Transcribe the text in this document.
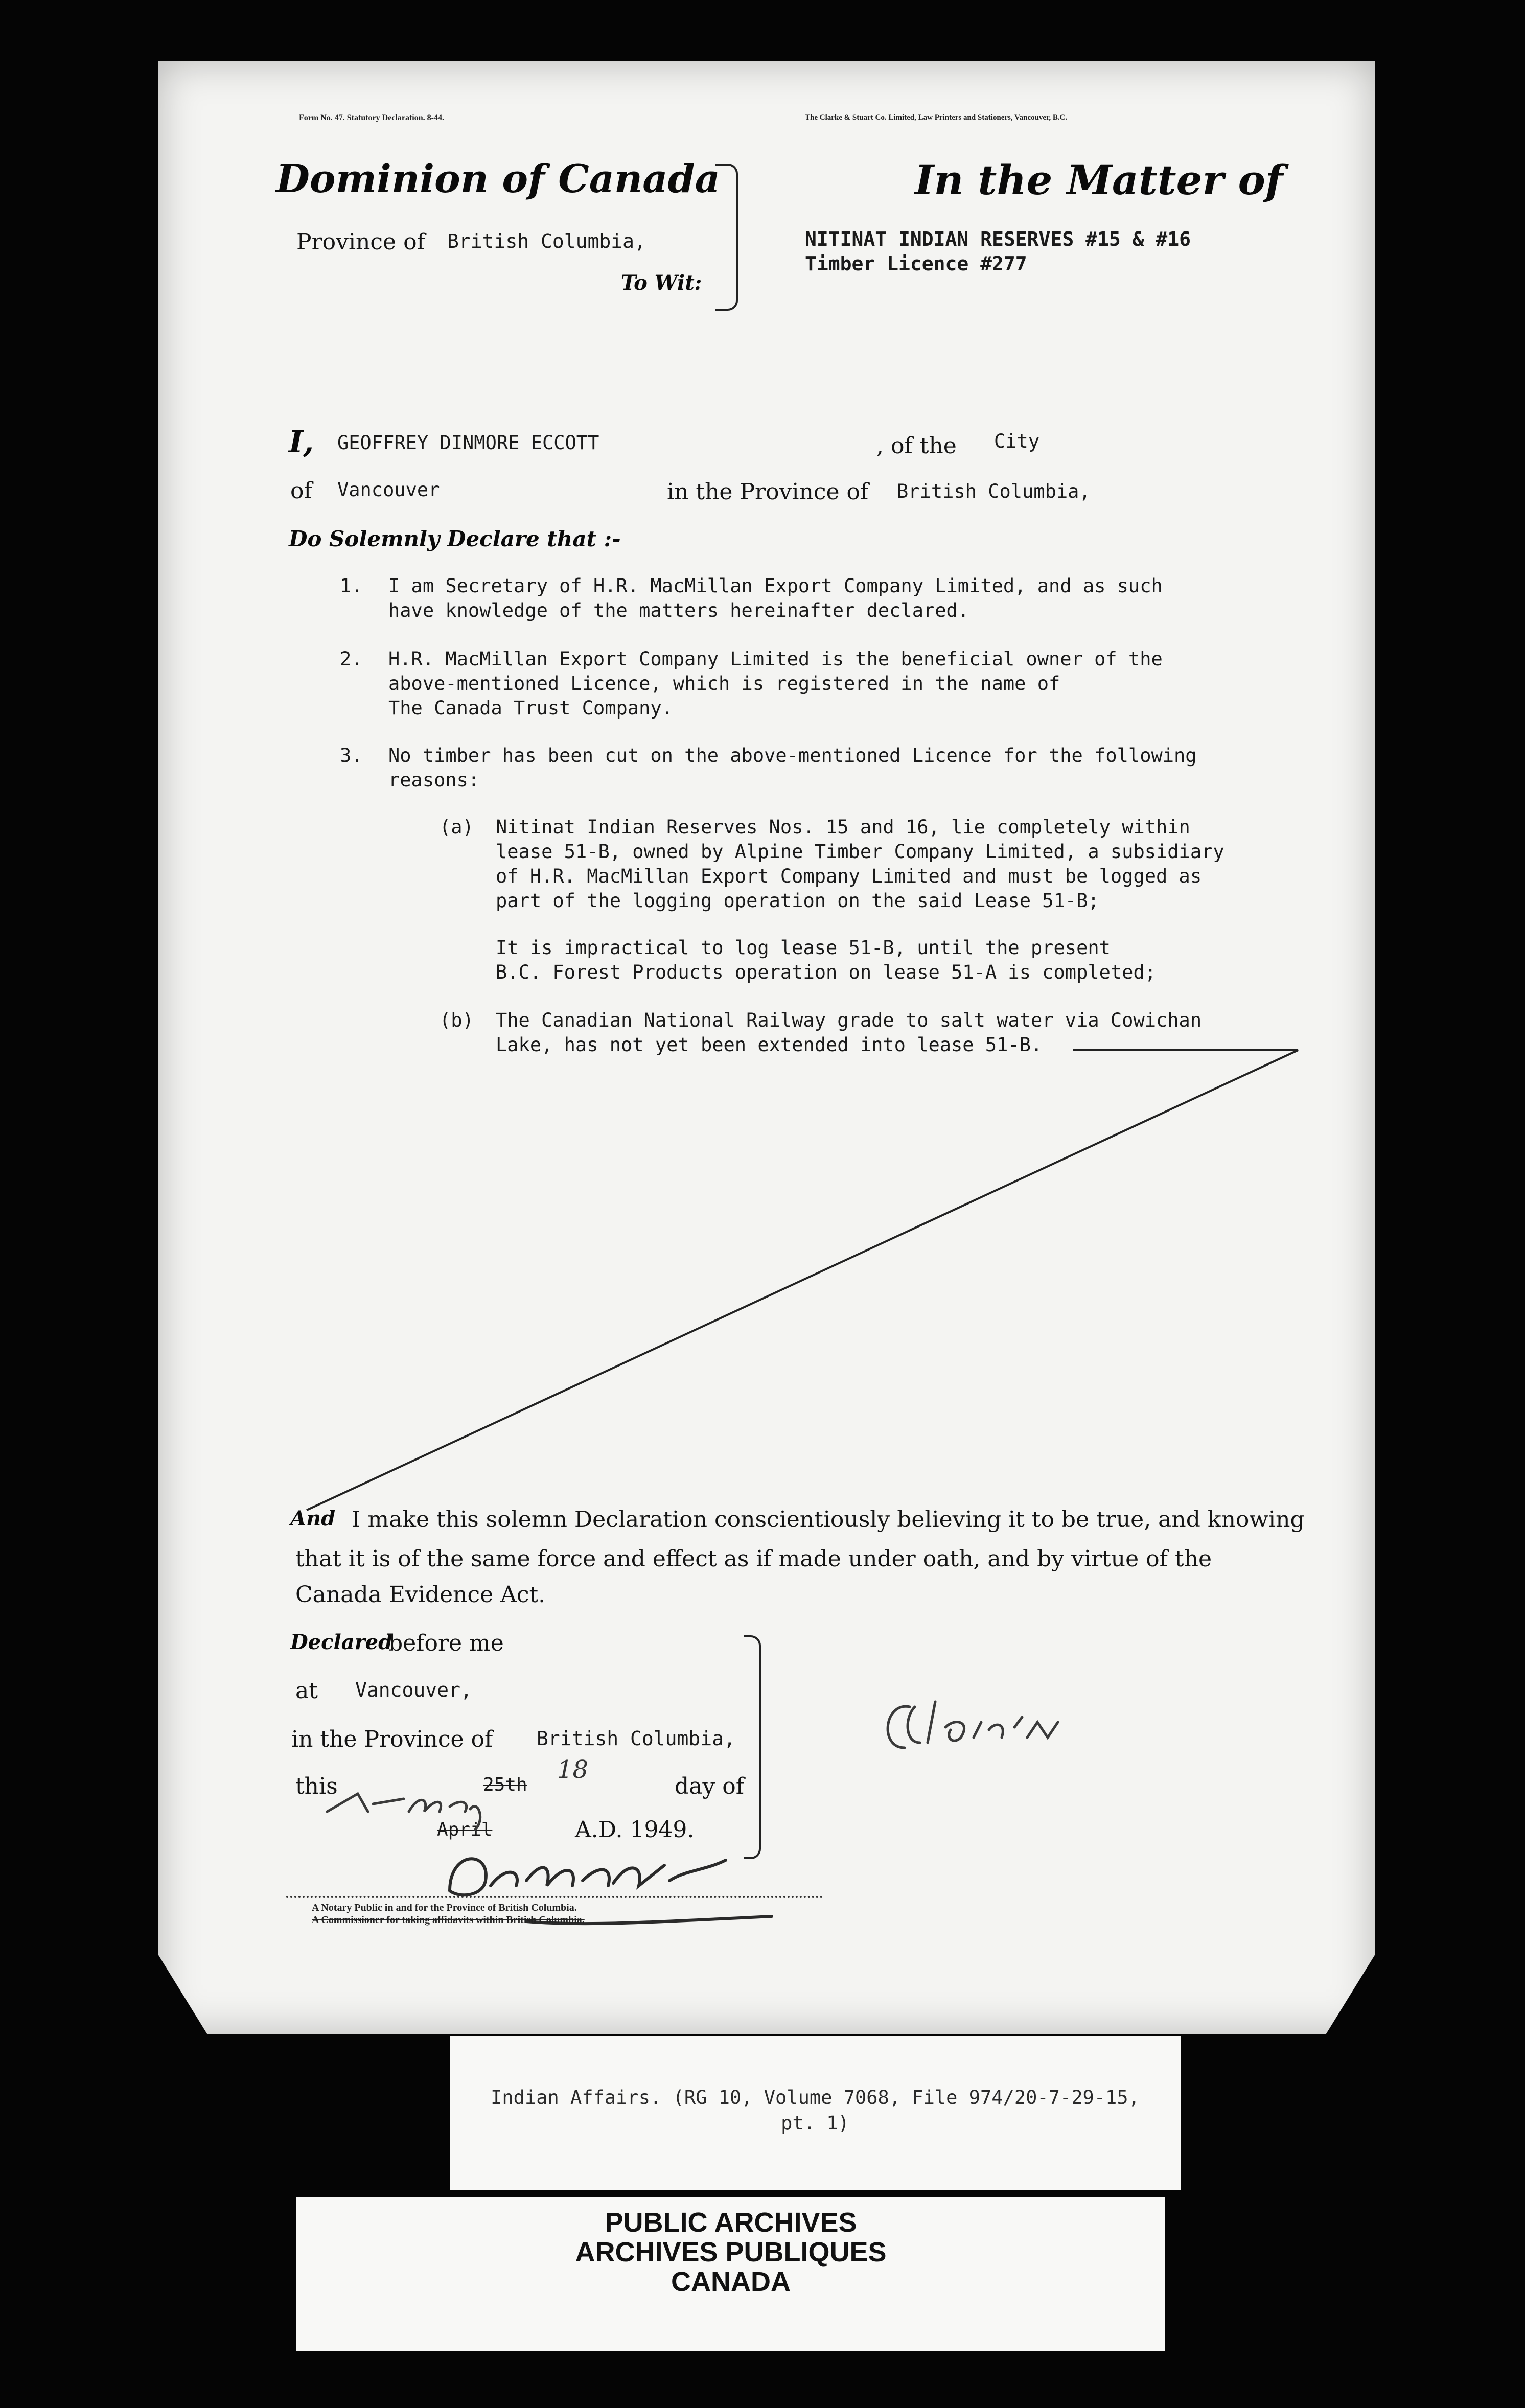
Form No. 47. Statutory Declaration. 8-44.	The Clarke & Stuart Co. Limited, Law Printers and Stationers, Vancouver, B.C.
Dominion of Canada
Province of British Columbia,
To Wit:
In the Matter of
NITINAT INDIAN RESERVES #15 & #16
Timber Licence #277
I, GEOFFREY DINMORE ECCOTT	, of the City
of Vancouver	in the Province of British Columbia,
Do Solemnly Declare that :-
1. I am Secretary of H.R. MacMillan Export Company Limited, and as such
have knowledge of the matters hereinafter declared.
2. H.R. MacMillan Export Company Limited is the beneficial owner of the
above-mentioned Licence, which is registered in the name of
The Canada Trust Company.
3. No timber has been cut on the above-mentioned Licence for the following
reasons:
(a) Nitinat Indian Reserves Nos. 15 and 16, lie completely within
lease 51-B, owned by Alpine Timber Company Limited, a subsidiary
of H.R. MacMillan Export Company Limited and must be logged as
part of the logging operation on the said Lease 51-B;
It is impractical to log lease 51-B, until the present
B.C. Forest Products operation on lease 51-A is completed;
(b) The Canadian National Railway grade to salt water via Cowichan
Lake, has not yet been extended into lease 51-B.
And I make this solemn Declaration conscientiously believing it to be true, and knowing
that it is of the same force and effect as if made under oath, and by virtue of the
Canada Evidence Act.
Declared
before me
at Vancouver,
in the Province of British Columbia,
this	25th
18
day of
April	A.D. 1949.
A Notary Public in and for the Province of British Columbia.
A Commissioner for taking affidavits within British Columbia.
Indian Affairs. (RG 10, Volume 7068, File 974/20-7-29-15,
pt. 1)
PUBLIC ARCHIVES
ARCHIVES PUBLIQUES
CANADA
